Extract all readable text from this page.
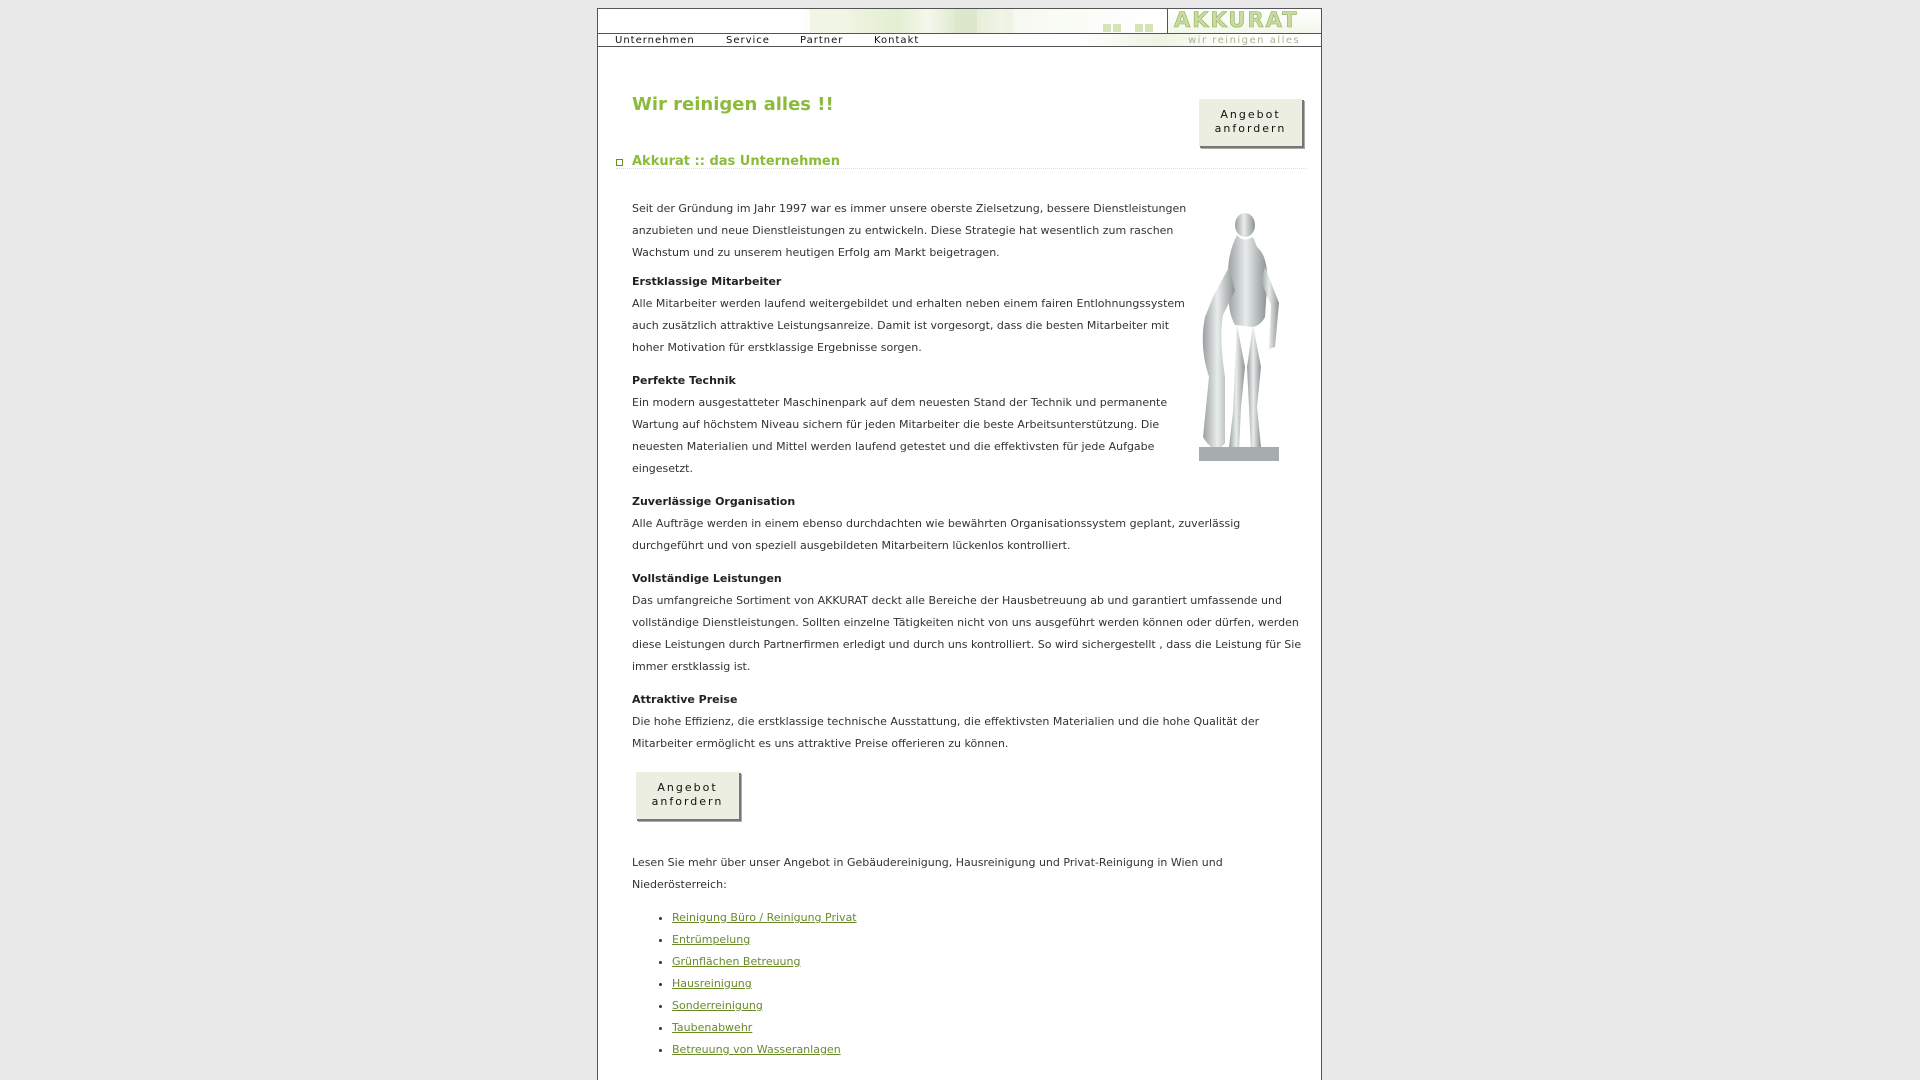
AKKURAT
Unternehmen	Service	Partner	Kontakt	wir reinigen alles
Wir reinigen alles !!	Angebot
anfordern
Akkurat :: das Unternehmen
Seit der Gründung im Jahr 1997 war es immer unsere oberste Zielsetzung, bessere Dienstleistungen
anzubieten und neue Dienstleistungen zu entwickeln. Diese Strategie hat wesentlich zum raschen
Wachstum und zu unserem heutigen Erfolg am Markt beigetragen.
Erstklassige Mitarbeiter
Alle Mitarbeiter werden laufend weitergebildet und erhalten neben einem fairen Entlohnungssystem
auch zusätzlich attraktive Leistungsanreize. Damit ist vorgesorgt, dass die besten Mitarbeiter mit
hoher Motivation für erstklassige Ergebnisse sorgen.
Perfekte Technik
Ein modern ausgestatteter Maschinenpark auf dem neuesten Stand der Technik und permanente
Wartung auf höchstem Niveau sichern für jeden Mitarbeiter die beste Arbeitsunterstützung. Die
neuesten Materialien und Mittel werden laufend getestet und die effektivsten für jede Aufgabe
eingesetzt.
Zuverlässige Organisation
Alle Aufträge werden in einem ebenso durchdachten wie bewährten Organisationssystem geplant, zuverlässig
durchgeführt und von speziell ausgebildeten Mitarbeitern lückenlos kontrolliert.
Vollständige Leistungen
Das umfangreiche Sortiment von AKKURAT deckt alle Bereiche der Hausbetreuung ab und garantiert umfassende und
vollständige Dienstleistungen. Sollten einzelne Tätigkeiten nicht von uns ausgeführt werden können oder dürfen, werden
diese Leistungen durch Partnerfirmen erledigt und durch uns kontrolliert. So wird sichergestellt , dass die Leistung für Sie
immer erstklassig ist.
Attraktive Preise
Die hohe Effizienz, die erstklassige technische Ausstattung, die effektivsten Materialien und die hohe Qualität der
Mitarbeiter ermöglicht es uns attraktive Preise offerieren zu können.
Angebot
anfordern
Lesen Sie mehr über unser Angebot in Gebäudereinigung, Hausreinigung und Privat-Reinigung in Wien und
Niederösterreich:
• Reinigung Büro / Reinigung Privat
• Entrümpelung
• Grünflächen Betreuung
• Hausreinigung
• Sonderreinigung
• Taubenabwehr
• Betreuung von Wasseranlagen
